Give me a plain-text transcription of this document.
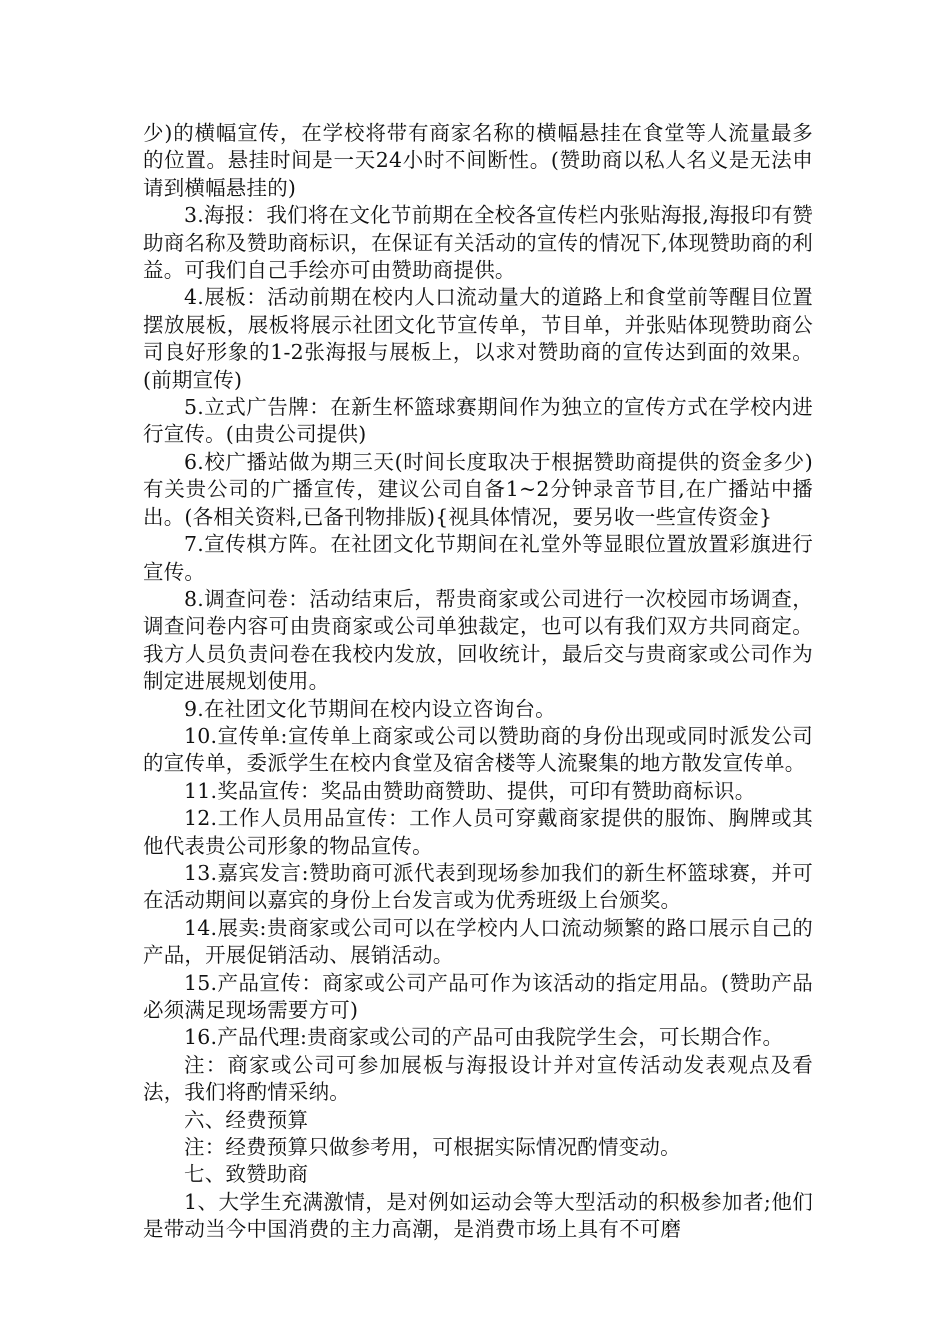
少)的横幅宣传，在学校将带有商家名称的横幅悬挂在食堂等人流量最多的位置。悬挂时间是一天24小时不间断性。(赞助商以私人名义是无法申请到横幅悬挂的)

3.海报：我们将在文化节前期在全校各宣传栏内张贴海报,海报印有赞助商名称及赞助商标识，在保证有关活动的宣传的情况下,体现赞助商的利益。可我们自己手绘亦可由赞助商提供。

4.展板：活动前期在校内人口流动量大的道路上和食堂前等醒目位置摆放展板，展板将展示社团文化节宣传单，节目单，并张贴体现赞助商公司良好形象的1-2张海报与展板上，以求对赞助商的宣传达到面的效果。(前期宣传)

5.立式广告牌：在新生杯篮球赛期间作为独立的宣传方式在学校内进行宣传。(由贵公司提供)

6.校广播站做为期三天(时间长度取决于根据赞助商提供的资金多少)有关贵公司的广播宣传，建议公司自备1~2分钟录音节目,在广播站中播出。(各相关资料,已备刊物排版){视具体情况，要另收一些宣传资金}

7.宣传棋方阵。在社团文化节期间在礼堂外等显眼位置放置彩旗进行宣传。

8.调查问卷：活动结束后，帮贵商家或公司进行一次校园市场调查，调查问卷内容可由贵商家或公司单独裁定，也可以有我们双方共同商定。我方人员负责问卷在我校内发放，回收统计，最后交与贵商家或公司作为制定进展规划使用。

9.在社团文化节期间在校内设立咨询台。

10.宣传单:宣传单上商家或公司以赞助商的身份出现或同时派发公司的宣传单，委派学生在校内食堂及宿舍楼等人流聚集的地方散发宣传单。

11.奖品宣传：奖品由赞助商赞助、提供，可印有赞助商标识。

12.工作人员用品宣传：工作人员可穿戴商家提供的服饰、胸牌或其他代表贵公司形象的物品宣传。

13.嘉宾发言:赞助商可派代表到现场参加我们的新生杯篮球赛，并可在活动期间以嘉宾的身份上台发言或为优秀班级上台颁奖。

14.展卖:贵商家或公司可以在学校内人口流动频繁的路口展示自己的产品，开展促销活动、展销活动。

15.产品宣传：商家或公司产品可作为该活动的指定用品。(赞助产品必须满足现场需要方可)

16.产品代理:贵商家或公司的产品可由我院学生会，可长期合作。

注：商家或公司可参加展板与海报设计并对宣传活动发表观点及看法，我们将酌情采纳。

六、经费预算

注：经费预算只做参考用，可根据实际情况酌情变动。

七、致赞助商

1、大学生充满激情，是对例如运动会等大型活动的积极参加者;他们是带动当今中国消费的主力高潮，是消费市场上具有不可磨
